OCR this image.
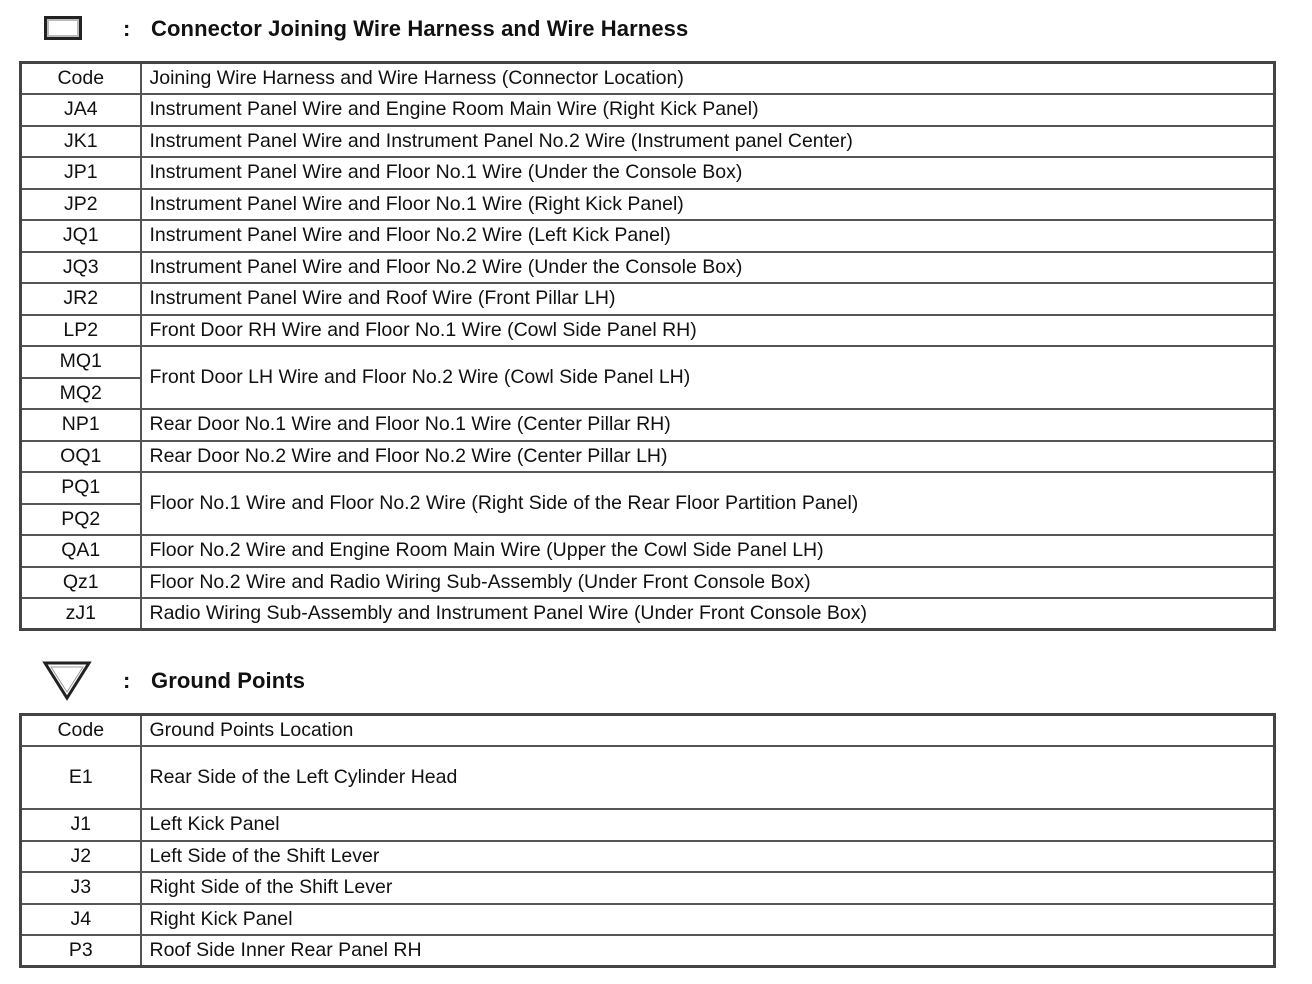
: Connector Joining Wire Harness and Wire Harness
Code	Joining Wire Harness and Wire Harness (Connector Location)
JA4	Instrument Panel Wire and Engine Room Main Wire (Right Kick Panel)
JK1	Instrument Panel Wire and Instrument Panel No.2 Wire (Instrument panel Center)
JP1	Instrument Panel Wire and Floor No.1 Wire (Under the Console Box)
JP2	Instrument Panel Wire and Floor No.1 Wire (Right Kick Panel)
JQ1	Instrument Panel Wire and Floor No.2 Wire (Left Kick Panel)
JQ3	Instrument Panel Wire and Floor No.2 Wire (Under the Console Box)
JR2	Instrument Panel Wire and Roof Wire (Front Pillar LH)
LP2	Front Door RH Wire and Floor No.1 Wire (Cowl Side Panel RH)
MQ1	Front Door LH Wire and Floor No.2 Wire (Cowl Side Panel LH)
MQ2	
NP1	Rear Door No.1 Wire and Floor No.1 Wire (Center Pillar RH)
OQ1	Rear Door No.2 Wire and Floor No.2 Wire (Center Pillar LH)
PQ1	Floor No.1 Wire and Floor No.2 Wire (Right Side of the Rear Floor Partition Panel)
PQ2	
QA1	Floor No.2 Wire and Engine Room Main Wire (Upper the Cowl Side Panel LH)
Qz1	Floor No.2 Wire and Radio Wiring Sub-Assembly (Under Front Console Box)
zJ1	Radio Wiring Sub-Assembly and Instrument Panel Wire (Under Front Console Box)
: Ground Points
Code	Ground Points Location
E1	Rear Side of the Left Cylinder Head
J1	Left Kick Panel
J2	Left Side of the Shift Lever
J3	Right Side of the Shift Lever
J4	Right Kick Panel
P3	Roof Side Inner Rear Panel RH
